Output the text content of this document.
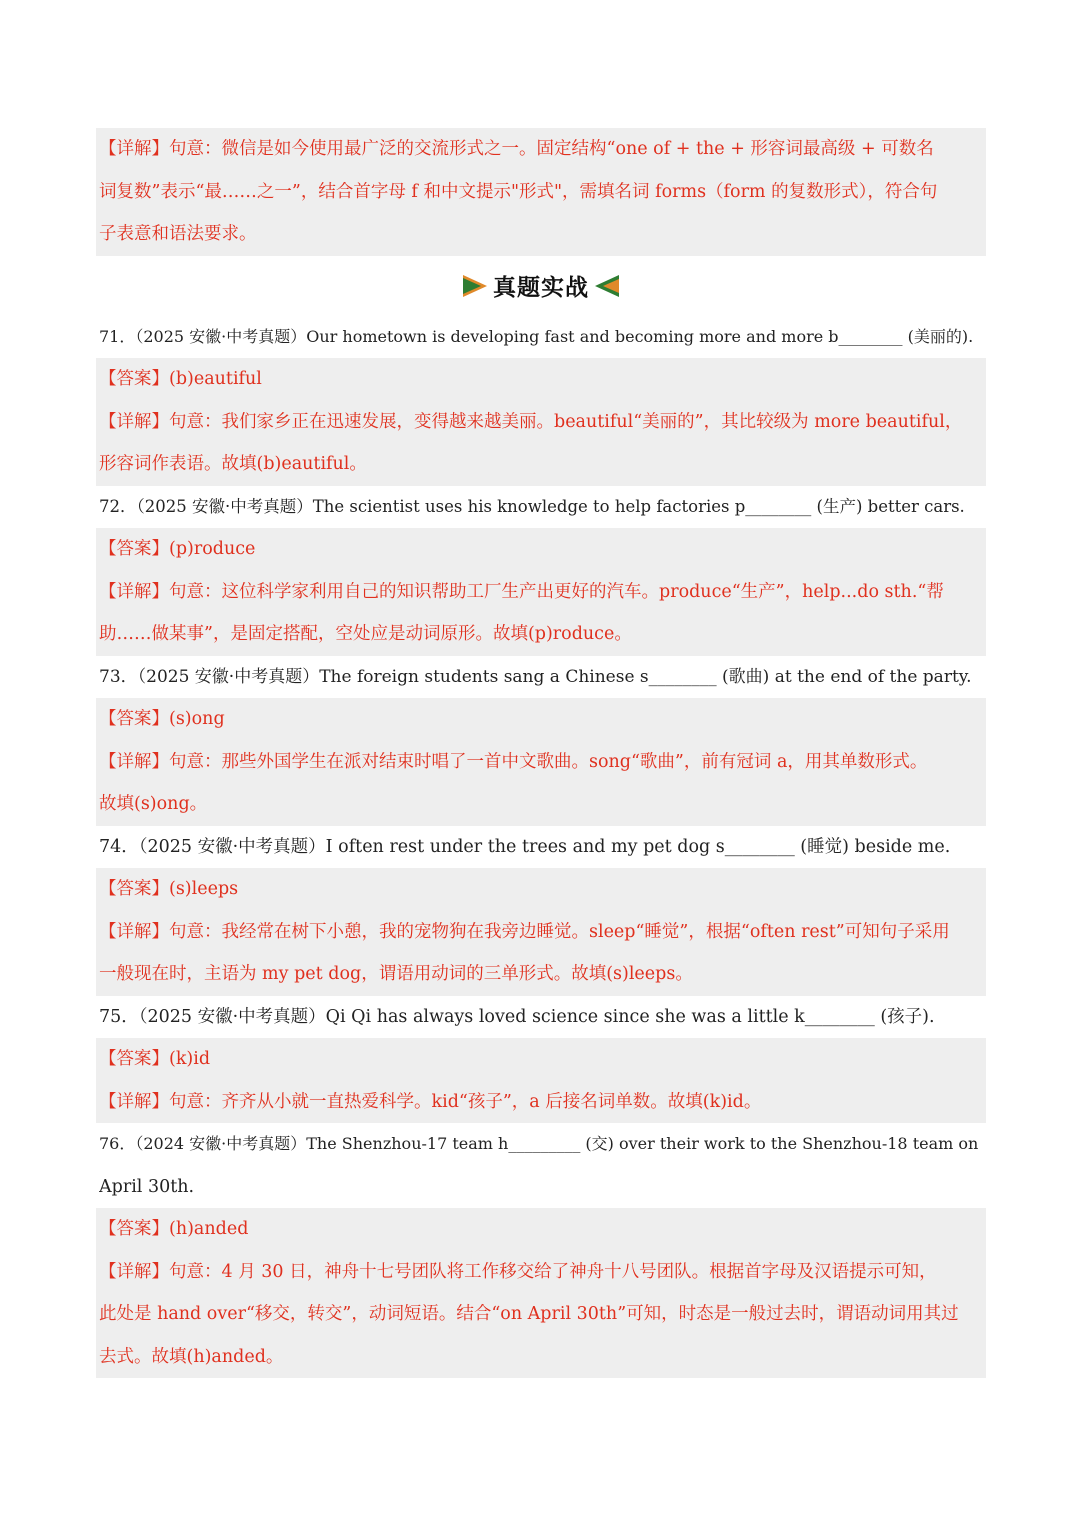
【详解】句意：微信是如今使用最广泛的交流形式之一。固定结构“one of + the + 形容词最高级 + 可数名
词复数”表示“最……之一”，结合首字母 f 和中文提示"形式"，需填名词 forms（form 的复数形式），符合句
子表意和语法要求。
真题实战
71．（2025 安徽·中考真题）Our hometown is developing fast and becoming more and more b________ (美丽的).
【答案】(b)eautiful
【详解】句意：我们家乡正在迅速发展，变得越来越美丽。beautiful“美丽的”，其比较级为 more beautiful，
形容词作表语。故填(b)eautiful。
72．（2025 安徽·中考真题）The scientist uses his knowledge to help factories p________ (生产) better cars.
【答案】(p)roduce
【详解】句意：这位科学家利用自己的知识帮助工厂生产出更好的汽车。produce“生产”，help...do sth.“帮
助……做某事”，是固定搭配，空处应是动词原形。故填(p)roduce。
73．（2025 安徽·中考真题）The foreign students sang a Chinese s________ (歌曲) at the end of the party.
【答案】(s)ong
【详解】句意：那些外国学生在派对结束时唱了一首中文歌曲。song“歌曲”，前有冠词 a，用其单数形式。
故填(s)ong。
74．（2025 安徽·中考真题）I often rest under the trees and my pet dog s________ (睡觉) beside me.
【答案】(s)leeps
【详解】句意：我经常在树下小憩，我的宠物狗在我旁边睡觉。sleep“睡觉”，根据“often rest”可知句子采用
一般现在时，主语为 my pet dog，谓语用动词的三单形式。故填(s)leeps。
75．（2025 安徽·中考真题）Qi Qi has always loved science since she was a little k________ (孩子).
【答案】(k)id
【详解】句意：齐齐从小就一直热爱科学。kid“孩子”，a 后接名词单数。故填(k)id。
76．（2024 安徽·中考真题）The Shenzhou-17 team h_________ (交) over their work to the Shenzhou-18 team on
April 30th.
【答案】(h)anded
【详解】句意：4 月 30 日，神舟十七号团队将工作移交给了神舟十八号团队。根据首字母及汉语提示可知，
此处是 hand over“移交，转交”，动词短语。结合“on April 30th”可知，时态是一般过去时，谓语动词用其过
去式。故填(h)anded。
